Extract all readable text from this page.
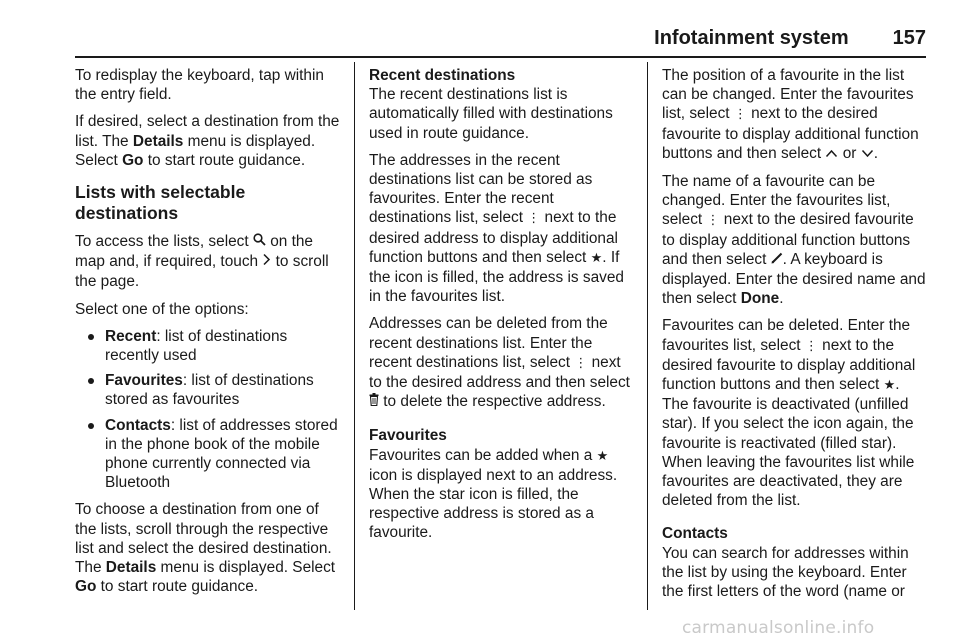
Infotainment system 157

To redisplay the keyboard, tap within the entry field.

If desired, select a destination from the list. The Details menu is displayed. Select Go to start route guidance.

Lists with selectable destinations

To access the lists, select  on the map and, if required, touch  to scroll the page.

Select one of the options:

Recent: list of destinations recently used
Favourites: list of destinations stored as favourites
Contacts: list of addresses stored in the phone book of the mobile phone currently connected via Bluetooth

To choose a destination from one of the lists, scroll through the respective list and select the desired destination. The Details menu is displayed. Select Go to start route guidance.

Recent destinations

The recent destinations list is automatically filled with destinations used in route guidance.

The addresses in the recent destinations list can be stored as favourites. Enter the recent destinations list, select ⋮ next to the desired address to display additional function buttons and then select ★. If the icon is filled, the address is saved in the favourites list.

Addresses can be deleted from the recent destinations list. Enter the recent destinations list, select ⋮ next to the desired address and then select  to delete the respective address.

Favourites

Favourites can be added when a ★ icon is displayed next to an address. When the star icon is filled, the respective address is stored as a favourite.

The position of a favourite in the list can be changed. Enter the favourites list, select ⋮ next to the desired favourite to display additional function buttons and then select  or .

The name of a favourite can be changed. Enter the favourites list, select ⋮ next to the desired favourite to display additional function buttons and then select . A keyboard is displayed. Enter the desired name and then select Done.

Favourites can be deleted. Enter the favourites list, select ⋮ next to the desired favourite to display additional function buttons and then select ★. The favourite is deactivated (unfilled star). If you select the icon again, the favourite is reactivated (filled star). When leaving the favourites list while favourites are deactivated, they are deleted from the list.

Contacts

You can search for addresses within the list by using the keyboard. Enter the first letters of the word (name or

carmanualsonline.info
